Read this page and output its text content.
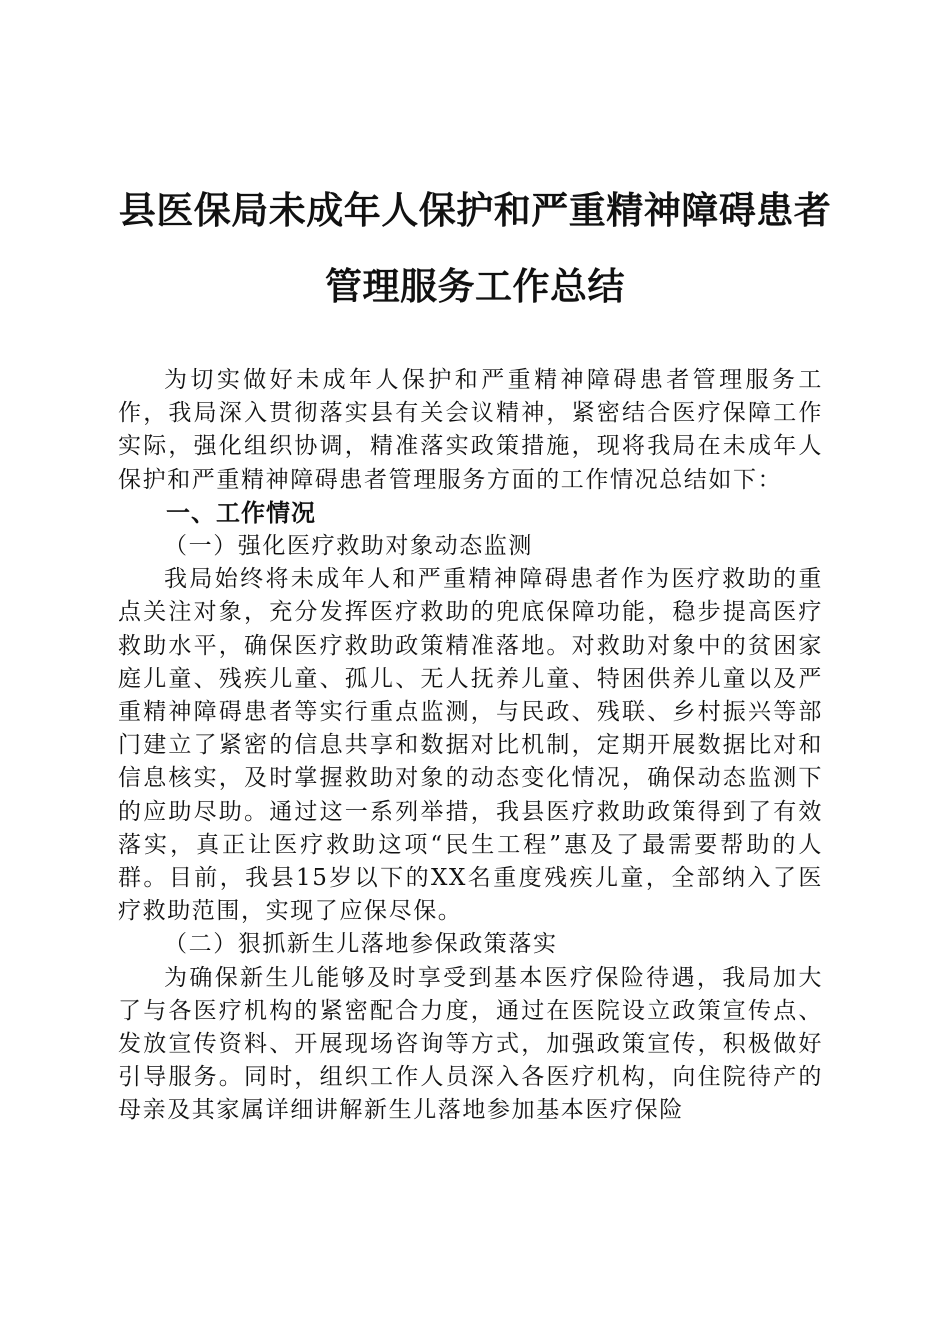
县医保局未成年人保护和严重精神障碍患者管理服务工作总结

为切实做好未成年人保护和严重精神障碍患者管理服务工作，我局深入贯彻落实县有关会议精神，紧密结合医疗保障工作实际，强化组织协调，精准落实政策措施，现将我局在未成年人保护和严重精神障碍患者管理服务方面的工作情况总结如下：

一、工作情况

（一）强化医疗救助对象动态监测

我局始终将未成年人和严重精神障碍患者作为医疗救助的重点关注对象，充分发挥医疗救助的兜底保障功能，稳步提高医疗救助水平，确保医疗救助政策精准落地。对救助对象中的贫困家庭儿童、残疾儿童、孤儿、无人抚养儿童、特困供养儿童以及严重精神障碍患者等实行重点监测，与民政、残联、乡村振兴等部门建立了紧密的信息共享和数据对比机制，定期开展数据比对和信息核实，及时掌握救助对象的动态变化情况，确保动态监测下的应助尽助。通过这一系列举措，我县医疗救助政策得到了有效落实，真正让医疗救助这项“民生工程”惠及了最需要帮助的人群。目前，我县15岁以下的XX名重度残疾儿童，全部纳入了医疗救助范围，实现了应保尽保。

（二）狠抓新生儿落地参保政策落实

为确保新生儿能够及时享受到基本医疗保险待遇，我局加大了与各医疗机构的紧密配合力度，通过在医院设立政策宣传点、发放宣传资料、开展现场咨询等方式，加强政策宣传，积极做好引导服务。同时，组织工作人员深入各医疗机构，向住院待产的母亲及其家属详细讲解新生儿落地参加基本医疗保险
